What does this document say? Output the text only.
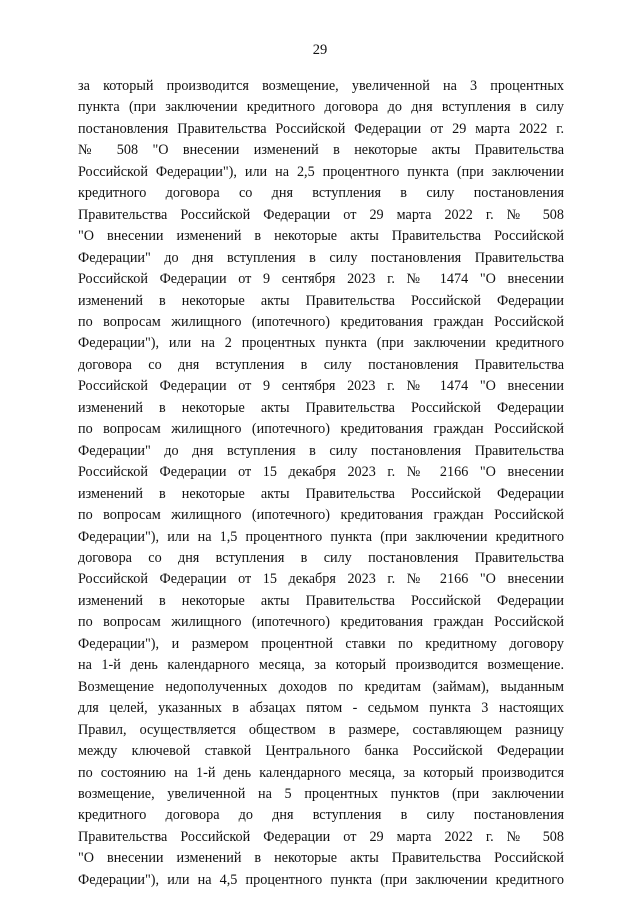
29
за который производится возмещение, увеличенной на 3 процентных
пункта (при заключении кредитного договора до дня вступления в силу
постановления Правительства Российской Федерации от 29 марта 2022 г.
№ 508 "О внесении изменений в некоторые акты Правительства
Российской Федерации"), или на 2,5 процентного пункта (при заключении
кредитного договора со дня вступления в силу постановления
Правительства Российской Федерации от 29 марта 2022 г. № 508
"О внесении изменений в некоторые акты Правительства Российской
Федерации" до дня вступления в силу постановления Правительства
Российской Федерации от 9 сентября 2023 г. № 1474 "О внесении
изменений в некоторые акты Правительства Российской Федерации
по вопросам жилищного (ипотечного) кредитования граждан Российской
Федерации"), или на 2 процентных пункта (при заключении кредитного
договора со дня вступления в силу постановления Правительства
Российской Федерации от 9 сентября 2023 г. № 1474 "О внесении
изменений в некоторые акты Правительства Российской Федерации
по вопросам жилищного (ипотечного) кредитования граждан Российской
Федерации" до дня вступления в силу постановления Правительства
Российской Федерации от 15 декабря 2023 г. № 2166 "О внесении
изменений в некоторые акты Правительства Российской Федерации
по вопросам жилищного (ипотечного) кредитования граждан Российской
Федерации"), или на 1,5 процентного пункта (при заключении кредитного
договора со дня вступления в силу постановления Правительства
Российской Федерации от 15 декабря 2023 г. № 2166 "О внесении
изменений в некоторые акты Правительства Российской Федерации
по вопросам жилищного (ипотечного) кредитования граждан Российской
Федерации"), и размером процентной ставки по кредитному договору
на 1-й день календарного месяца, за который производится возмещение.
Возмещение недополученных доходов по кредитам (займам), выданным
для целей, указанных в абзацах пятом - седьмом пункта 3 настоящих
Правил, осуществляется обществом в размере, составляющем разницу
между ключевой ставкой Центрального банка Российской Федерации
по состоянию на 1-й день календарного месяца, за который производится
возмещение, увеличенной на 5 процентных пунктов (при заключении
кредитного договора до дня вступления в силу постановления
Правительства Российской Федерации от 29 марта 2022 г. № 508
"О внесении изменений в некоторые акты Правительства Российской
Федерации"), или на 4,5 процентного пункта (при заключении кредитного
